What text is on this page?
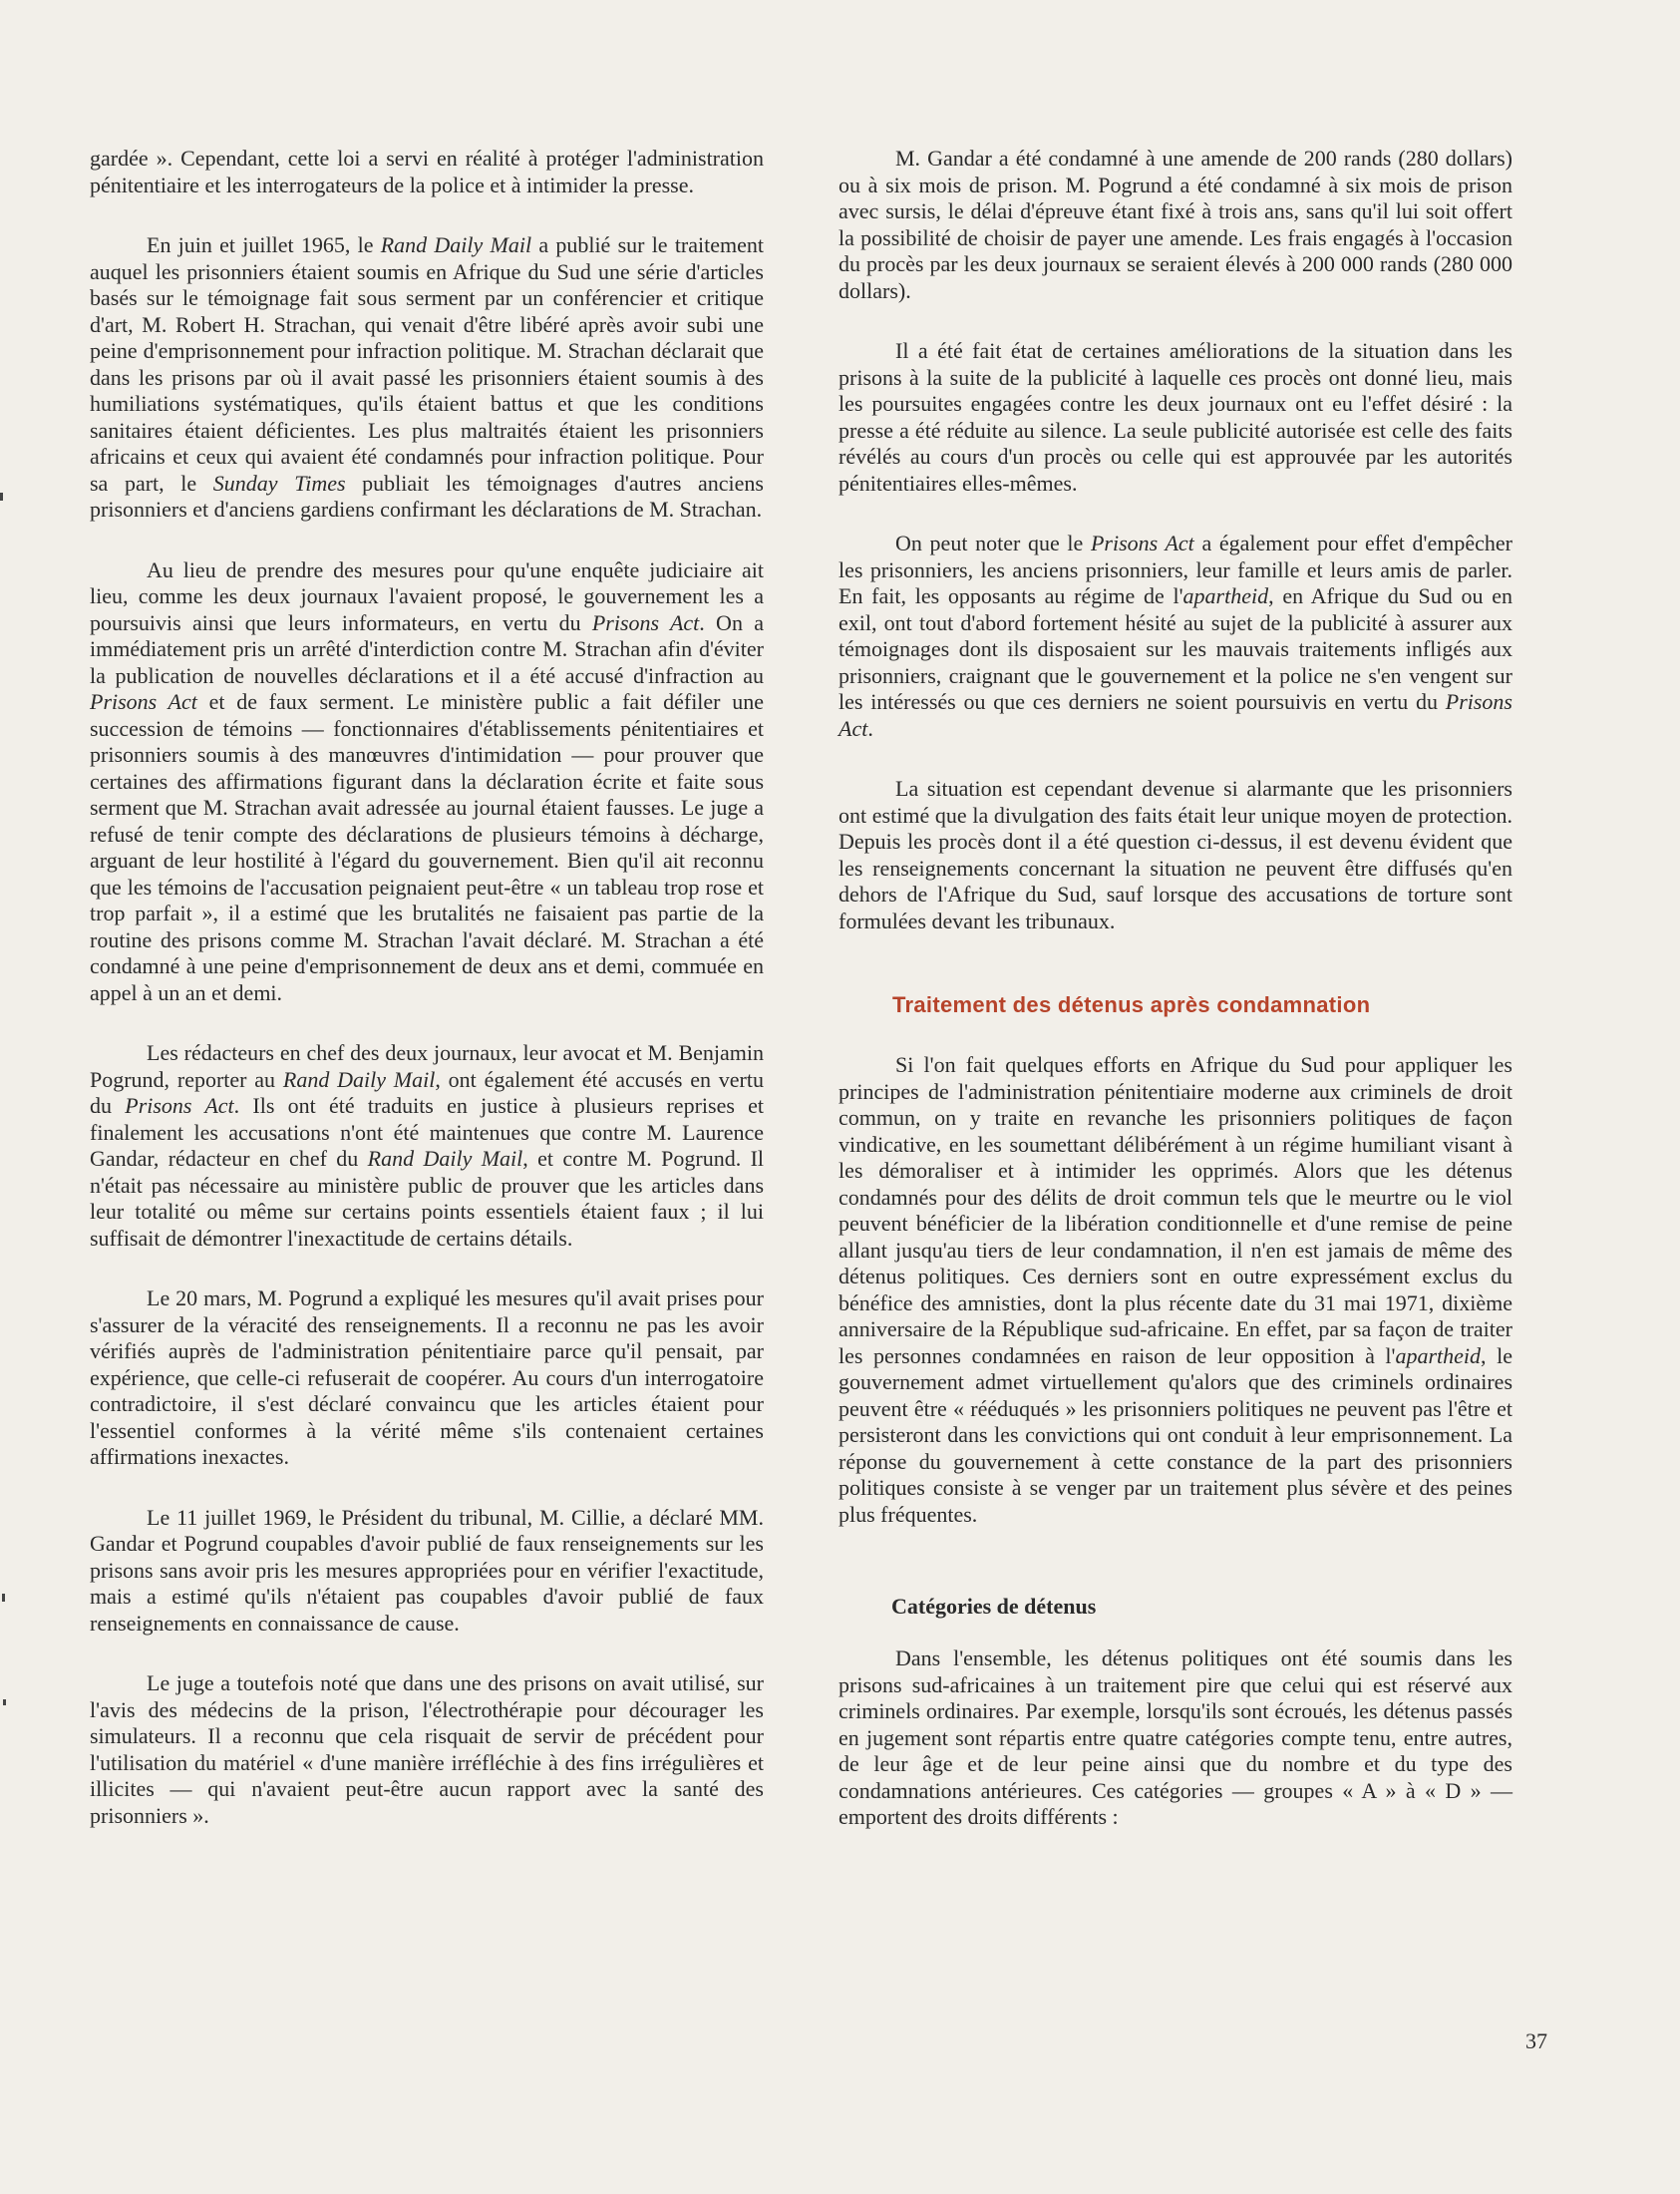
gardée ». Cependant, cette loi a servi en réalité à protéger l'administration pénitentiaire et les interrogateurs de la police et à intimider la presse.

En juin et juillet 1965, le Rand Daily Mail a publié sur le traitement auquel les prisonniers étaient soumis en Afrique du Sud une série d'articles basés sur le témoignage fait sous serment par un conférencier et critique d'art, M. Robert H. Strachan, qui venait d'être libéré après avoir subi une peine d'emprisonnement pour infraction politique. M. Strachan déclarait que dans les prisons par où il avait passé les prisonniers étaient soumis à des humiliations systématiques, qu'ils étaient battus et que les conditions sanitaires étaient déficientes. Les plus maltraités étaient les prisonniers africains et ceux qui avaient été condamnés pour infraction politique. Pour sa part, le Sunday Times publiait les témoignages d'autres anciens prisonniers et d'anciens gardiens confirmant les déclarations de M. Strachan.

Au lieu de prendre des mesures pour qu'une enquête judiciaire ait lieu, comme les deux journaux l'avaient proposé, le gouvernement les a poursuivis ainsi que leurs informateurs, en vertu du Prisons Act. On a immédiatement pris un arrêté d'interdiction contre M. Strachan afin d'éviter la publication de nouvelles déclarations et il a été accusé d'infraction au Prisons Act et de faux serment. Le ministère public a fait défiler une succession de témoins — fonctionnaires d'établissements pénitentiaires et prisonniers soumis à des manœuvres d'intimidation — pour prouver que certaines des affirmations figurant dans la déclaration écrite et faite sous serment que M. Strachan avait adressée au journal étaient fausses. Le juge a refusé de tenir compte des déclarations de plusieurs témoins à décharge, arguant de leur hostilité à l'égard du gouvernement. Bien qu'il ait reconnu que les témoins de l'accusation peignaient peut-être « un tableau trop rose et trop parfait », il a estimé que les brutalités ne faisaient pas partie de la routine des prisons comme M. Strachan l'avait déclaré. M. Strachan a été condamné à une peine d'emprisonnement de deux ans et demi, commuée en appel à un an et demi.

Les rédacteurs en chef des deux journaux, leur avocat et M. Benjamin Pogrund, reporter au Rand Daily Mail, ont également été accusés en vertu du Prisons Act. Ils ont été traduits en justice à plusieurs reprises et finalement les accusations n'ont été maintenues que contre M. Laurence Gandar, rédacteur en chef du Rand Daily Mail, et contre M. Pogrund. Il n'était pas nécessaire au ministère public de prouver que les articles dans leur totalité ou même sur certains points essentiels étaient faux ; il lui suffisait de démontrer l'inexactitude de certains détails.

Le 20 mars, M. Pogrund a expliqué les mesures qu'il avait prises pour s'assurer de la véracité des renseignements. Il a reconnu ne pas les avoir vérifiés auprès de l'administration pénitentiaire parce qu'il pensait, par expérience, que celle-ci refuserait de coopérer. Au cours d'un interrogatoire contradictoire, il s'est déclaré convaincu que les articles étaient pour l'essentiel conformes à la vérité même s'ils contenaient certaines affirmations inexactes.

Le 11 juillet 1969, le Président du tribunal, M. Cillie, a déclaré MM. Gandar et Pogrund coupables d'avoir publié de faux renseignements sur les prisons sans avoir pris les mesures appropriées pour en vérifier l'exactitude, mais a estimé qu'ils n'étaient pas coupables d'avoir publié de faux renseignements en connaissance de cause.

Le juge a toutefois noté que dans une des prisons on avait utilisé, sur l'avis des médecins de la prison, l'électrothérapie pour décourager les simulateurs. Il a reconnu que cela risquait de servir de précédent pour l'utilisation du matériel « d'une manière irréfléchie à des fins irrégulières et illicites — qui n'avaient peut-être aucun rapport avec la santé des prisonniers ».

M. Gandar a été condamné à une amende de 200 rands (280 dollars) ou à six mois de prison. M. Pogrund a été condamné à six mois de prison avec sursis, le délai d'épreuve étant fixé à trois ans, sans qu'il lui soit offert la possibilité de choisir de payer une amende. Les frais engagés à l'occasion du procès par les deux journaux se seraient élevés à 200 000 rands (280 000 dollars).

Il a été fait état de certaines améliorations de la situation dans les prisons à la suite de la publicité à laquelle ces procès ont donné lieu, mais les poursuites engagées contre les deux journaux ont eu l'effet désiré : la presse a été réduite au silence. La seule publicité autorisée est celle des faits révélés au cours d'un procès ou celle qui est approuvée par les autorités pénitentiaires elles-mêmes.

On peut noter que le Prisons Act a également pour effet d'empêcher les prisonniers, les anciens prisonniers, leur famille et leurs amis de parler. En fait, les opposants au régime de l'apartheid, en Afrique du Sud ou en exil, ont tout d'abord fortement hésité au sujet de la publicité à assurer aux témoignages dont ils disposaient sur les mauvais traitements infligés aux prisonniers, craignant que le gouvernement et la police ne s'en vengent sur les intéressés ou que ces derniers ne soient poursuivis en vertu du Prisons Act.

La situation est cependant devenue si alarmante que les prisonniers ont estimé que la divulgation des faits était leur unique moyen de protection. Depuis les procès dont il a été question ci-dessus, il est devenu évident que les renseignements concernant la situation ne peuvent être diffusés qu'en dehors de l'Afrique du Sud, sauf lorsque des accusations de torture sont formulées devant les tribunaux.

Traitement des détenus après condamnation

Si l'on fait quelques efforts en Afrique du Sud pour appliquer les principes de l'administration pénitentiaire moderne aux criminels de droit commun, on y traite en revanche les prisonniers politiques de façon vindicative, en les soumettant délibérément à un régime humiliant visant à les démoraliser et à intimider les opprimés. Alors que les détenus condamnés pour des délits de droit commun tels que le meurtre ou le viol peuvent bénéficier de la libération conditionnelle et d'une remise de peine allant jusqu'au tiers de leur condamnation, il n'en est jamais de même des détenus politiques. Ces derniers sont en outre expressément exclus du bénéfice des amnisties, dont la plus récente date du 31 mai 1971, dixième anniversaire de la République sud-africaine. En effet, par sa façon de traiter les personnes condamnées en raison de leur opposition à l'apartheid, le gouvernement admet virtuellement qu'alors que des criminels ordinaires peuvent être « rééduqués » les prisonniers politiques ne peuvent pas l'être et persisteront dans les convictions qui ont conduit à leur emprisonnement. La réponse du gouvernement à cette constance de la part des prisonniers politiques consiste à se venger par un traitement plus sévère et des peines plus fréquentes.

Catégories de détenus

Dans l'ensemble, les détenus politiques ont été soumis dans les prisons sud-africaines à un traitement pire que celui qui est réservé aux criminels ordinaires. Par exemple, lorsqu'ils sont écroués, les détenus passés en jugement sont répartis entre quatre catégories compte tenu, entre autres, de leur âge et de leur peine ainsi que du nombre et du type des condamnations antérieures. Ces catégories — groupes « A » à « D » — emportent des droits différents :

37
